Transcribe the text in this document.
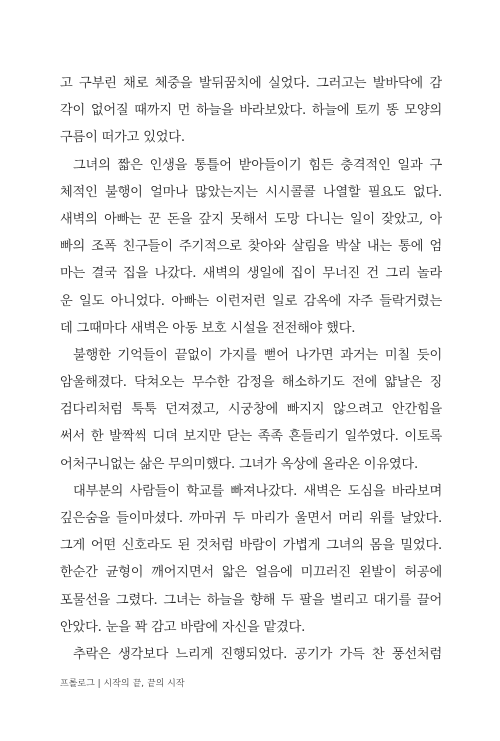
고 구부린 채로 체중을 발뒤꿈치에 실었다. 그러고는 발바닥에 감
각이 없어질 때까지 먼 하늘을 바라보았다. 하늘에 토끼 똥 모양의
구름이 떠가고 있었다.
그녀의 짧은 인생을 통틀어 받아들이기 힘든 충격적인 일과 구
체적인 불행이 얼마나 많았는지는 시시콜콜 나열할 필요도 없다.
새벽의 아빠는 꾼 돈을 갚지 못해서 도망 다니는 일이 잦았고, 아
빠의 조폭 친구들이 주기적으로 찾아와 살림을 박살 내는 통에 엄
마는 결국 집을 나갔다. 새벽의 생일에 집이 무너진 건 그리 놀라
운 일도 아니었다. 아빠는 이런저런 일로 감옥에 자주 들락거렸는
데 그때마다 새벽은 아동 보호 시설을 전전해야 했다.
불행한 기억들이 끝없이 가지를 뻗어 나가면 과거는 미칠 듯이
암울해졌다. 닥쳐오는 무수한 감정을 해소하기도 전에 얇날은 징
검다리처럼 툭툭 던져졌고, 시궁창에 빠지지 않으려고 안간힘을
써서 한 발짝씩 디뎌 보지만 닫는 족족 흔들리기 일쑤였다. 이토록
어처구니없는 삶은 무의미했다. 그녀가 옥상에 올라온 이유였다.
대부분의 사람들이 학교를 빠져나갔다. 새벽은 도심을 바라보며
깊은숨을 들이마셨다. 까마귀 두 마리가 울면서 머리 위를 날았다.
그게 어떤 신호라도 된 것처럼 바람이 가볍게 그녀의 몸을 밀었다.
한순간 균형이 깨어지면서 앏은 얼음에 미끄러진 왼발이 허공에
포물선을 그렸다. 그녀는 하늘을 향해 두 팔을 벌리고 대기를 끌어
안았다. 눈을 꽉 감고 바람에 자신을 맡겼다.
추락은 생각보다 느리게 진행되었다. 공기가 가득 찬 풍선처럼
프롤로그 | 시작의 끝, 끝의 시작
